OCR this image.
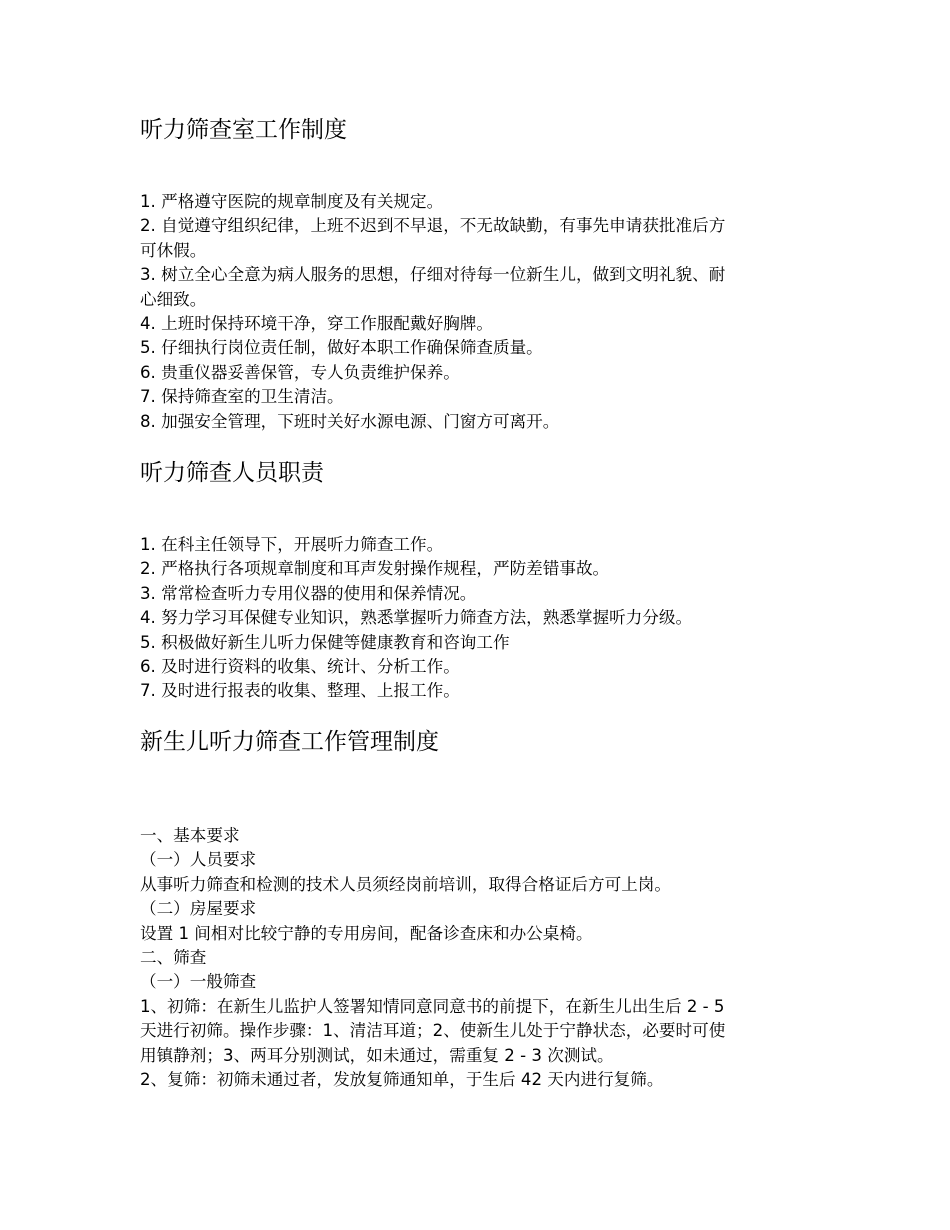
听力筛查室工作制度
1. 严格遵守医院的规章制度及有关规定。
2. 自觉遵守组织纪律，上班不迟到不早退，不无故缺勤，有事先申请获批准后方
可休假。
3. 树立全心全意为病人服务的思想，仔细对待每一位新生儿，做到文明礼貌、耐
心细致。
4. 上班时保持环境干净，穿工作服配戴好胸牌。
5. 仔细执行岗位责任制，做好本职工作确保筛查质量。
6. 贵重仪器妥善保管，专人负责维护保养。
7. 保持筛查室的卫生清洁。
8. 加强安全管理，下班时关好水源电源、门窗方可离开。
听力筛查人员职责
1. 在科主任领导下，开展听力筛查工作。
2. 严格执行各项规章制度和耳声发射操作规程，严防差错事故。
3. 常常检查听力专用仪器的使用和保养情况。
4. 努力学习耳保健专业知识，熟悉掌握听力筛查方法，熟悉掌握听力分级。
5. 积极做好新生儿听力保健等健康教育和咨询工作
6. 及时进行资料的收集、统计、分析工作。
7. 及时进行报表的收集、整理、上报工作。
新生儿听力筛查工作管理制度
一、基本要求
（一）人员要求
从事听力筛查和检测的技术人员须经岗前培训，取得合格证后方可上岗。
（二）房屋要求
设置 1 间相对比较宁静的专用房间，配备诊查床和办公桌椅。
二、筛查
（一）一般筛查
1、初筛：在新生儿监护人签署知情同意同意书的前提下，在新生儿出生后 2 - 5
天进行初筛。操作步骤：1、清洁耳道；2、使新生儿处于宁静状态，必要时可使
用镇静剂；3、两耳分别测试，如未通过，需重复 2 - 3 次测试。
2、复筛：初筛未通过者，发放复筛通知单，于生后 42 天内进行复筛。
